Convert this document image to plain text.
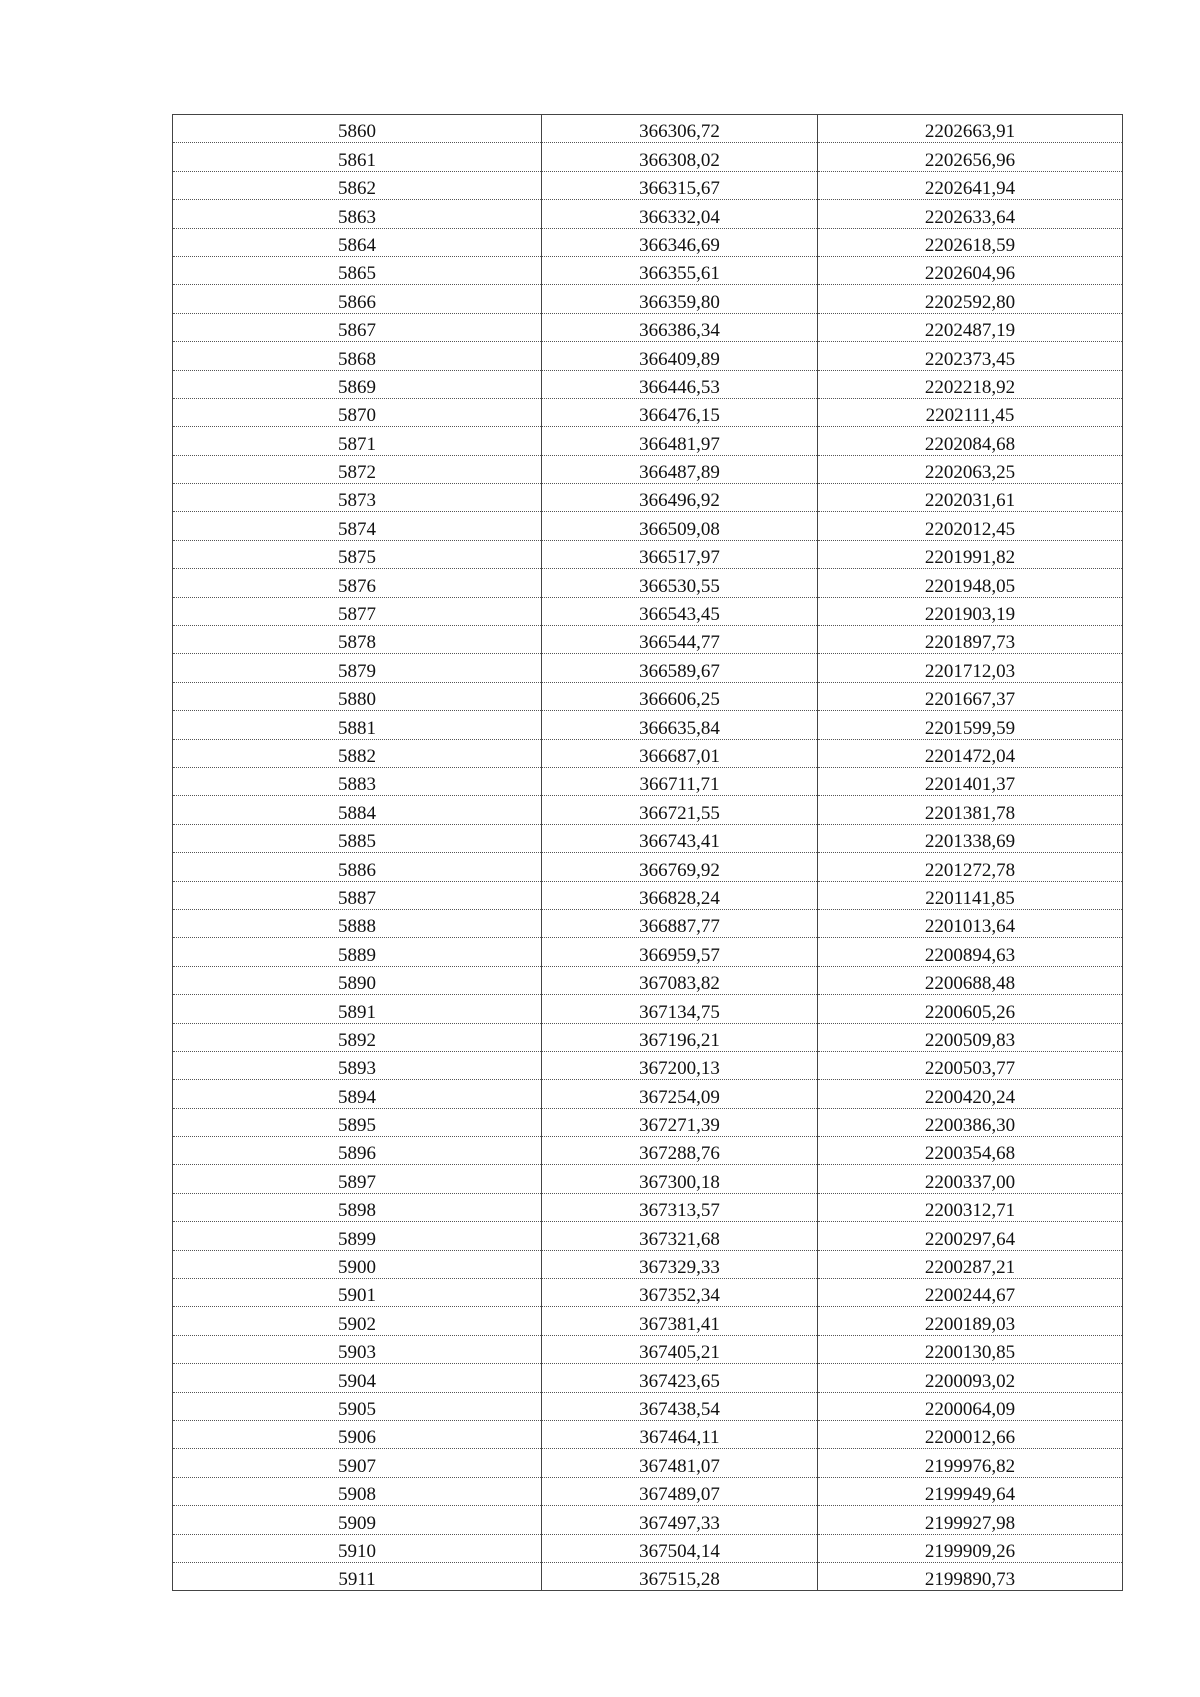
5860	366306,72	2202663,91
5861	366308,02	2202656,96
5862	366315,67	2202641,94
5863	366332,04	2202633,64
5864	366346,69	2202618,59
5865	366355,61	2202604,96
5866	366359,80	2202592,80
5867	366386,34	2202487,19
5868	366409,89	2202373,45
5869	366446,53	2202218,92
5870	366476,15	2202111,45
5871	366481,97	2202084,68
5872	366487,89	2202063,25
5873	366496,92	2202031,61
5874	366509,08	2202012,45
5875	366517,97	2201991,82
5876	366530,55	2201948,05
5877	366543,45	2201903,19
5878	366544,77	2201897,73
5879	366589,67	2201712,03
5880	366606,25	2201667,37
5881	366635,84	2201599,59
5882	366687,01	2201472,04
5883	366711,71	2201401,37
5884	366721,55	2201381,78
5885	366743,41	2201338,69
5886	366769,92	2201272,78
5887	366828,24	2201141,85
5888	366887,77	2201013,64
5889	366959,57	2200894,63
5890	367083,82	2200688,48
5891	367134,75	2200605,26
5892	367196,21	2200509,83
5893	367200,13	2200503,77
5894	367254,09	2200420,24
5895	367271,39	2200386,30
5896	367288,76	2200354,68
5897	367300,18	2200337,00
5898	367313,57	2200312,71
5899	367321,68	2200297,64
5900	367329,33	2200287,21
5901	367352,34	2200244,67
5902	367381,41	2200189,03
5903	367405,21	2200130,85
5904	367423,65	2200093,02
5905	367438,54	2200064,09
5906	367464,11	2200012,66
5907	367481,07	2199976,82
5908	367489,07	2199949,64
5909	367497,33	2199927,98
5910	367504,14	2199909,26
5911	367515,28	2199890,73
